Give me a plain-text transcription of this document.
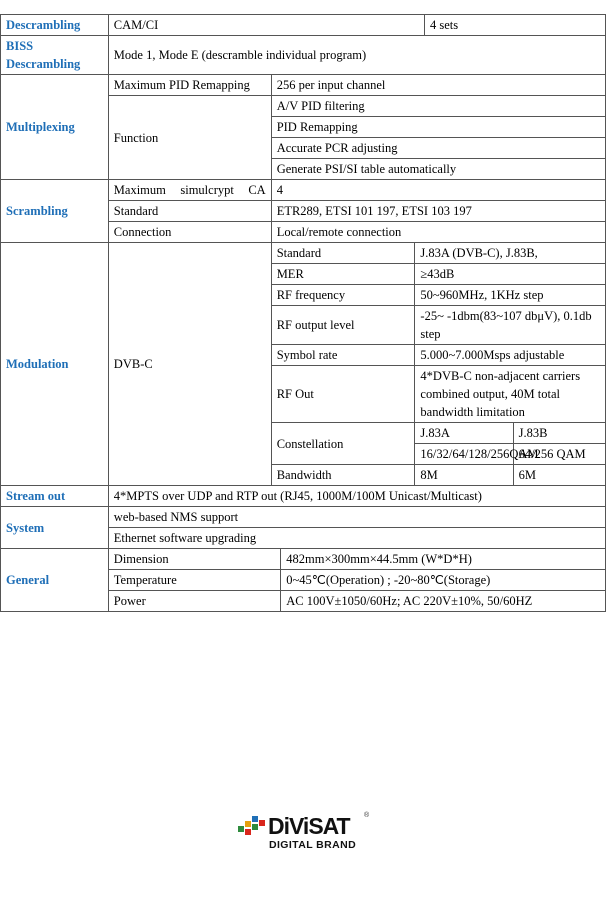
Descrambling	CAM/CI				4 sets	
BISS Descrambling	Mode 1, Mode E (descramble individual program)					
Multiplexing	Maximum PID Remapping	256 per input channel				
	Function	A/V PID filtering				
		PID Remapping				
		Accurate PCR adjusting				
		Generate PSI/SI table automatically				
Scrambling	Maximum simulcrypt CA	4				
	Standard	ETR289, ETSI 101 197, ETSI 103 197				
	Connection	Local/remote connection				
Modulation	DVB-C	Standard		J.83A (DVB-C), J.83B,		
		MER		≥43dB		
		RF frequency		50~960MHz, 1KHz step		
		RF output level		-25~ -1dbm(83~107 dbμV), 0.1db step		
		Symbol rate		5.000~7.000Msps adjustable		
		RF Out		4*DVB-C non-adjacent carriers combined output, 40M total bandwidth limitation		
		Constellation		J.83A		J.83B
				16/32/64/128/256QAM		64/256 QAM
		Bandwidth		8M		6M
Stream out	4*MPTS over UDP and RTP out (RJ45, 1000M/100M Unicast/Multicast)					
System	web-based NMS support					
	Ethernet software upgrading					
General	Dimension		482mm×300mm×44.5mm (W*D*H)			
	Temperature		0~45℃(Operation) ; -20~80℃(Storage)			
	Power		AC 100V±1050/60Hz; AC 220V±10%, 50/60HZ			
DiViSAT ®
DIGITAL BRAND
